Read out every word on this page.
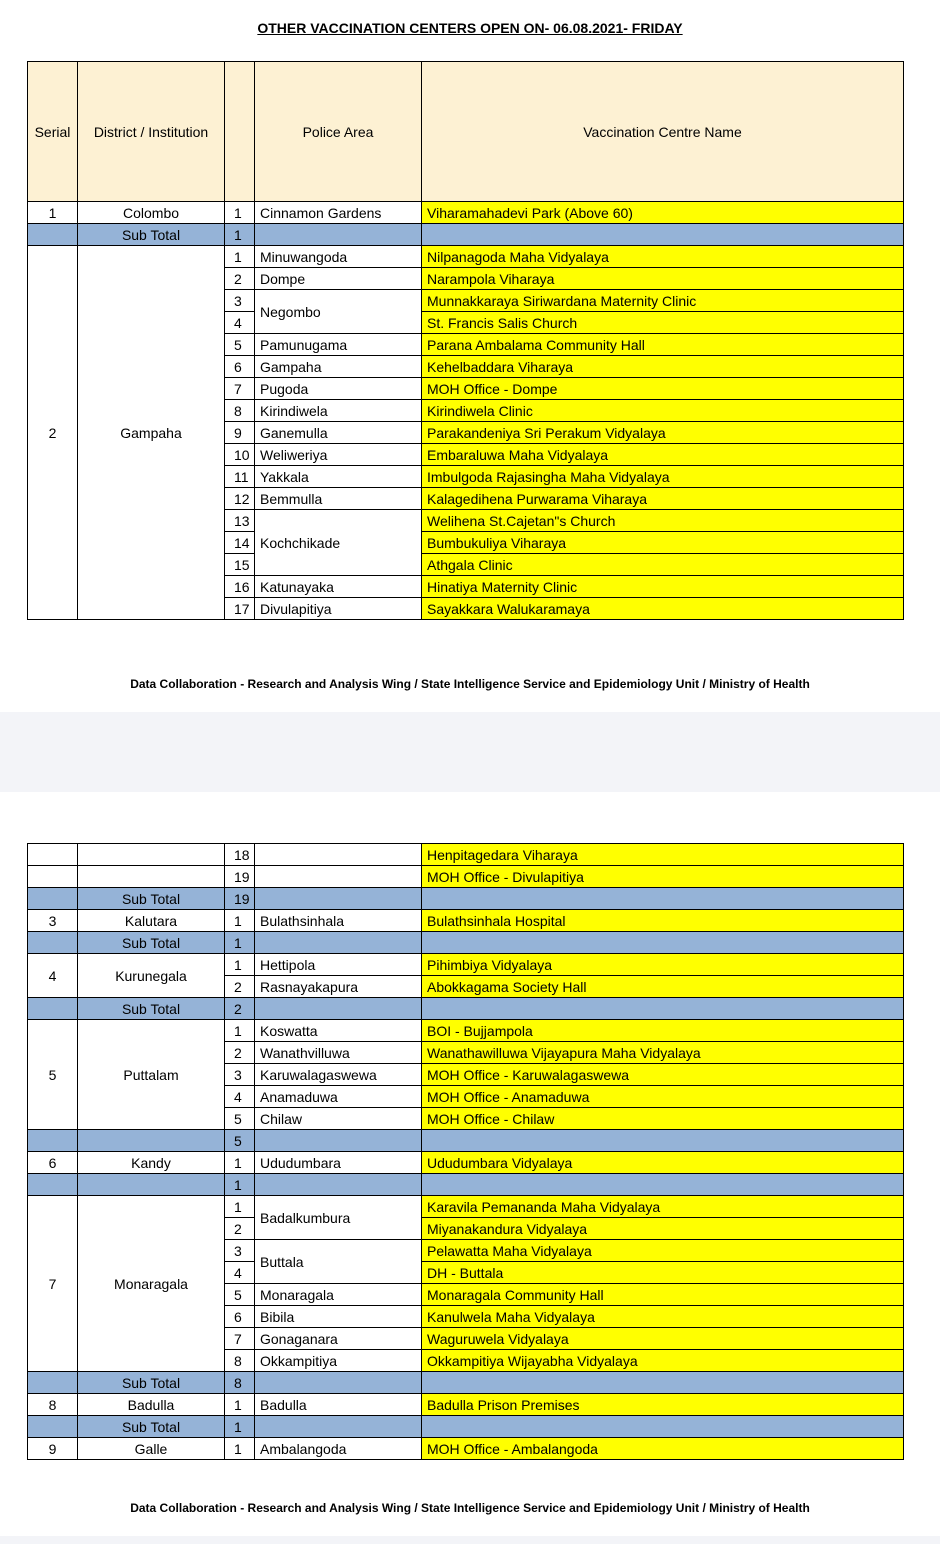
OTHER VACCINATION CENTERS OPEN ON- 06.08.2021- FRIDAY
Serial	District / Institution		Police Area	Vaccination Centre Name
1	Colombo	1	Cinnamon Gardens	Viharamahadevi Park (Above 60)
	Sub Total	1		
2	Gampaha	1	Minuwangoda	Nilpanagoda Maha Vidyalaya
		2	Dompe	Narampola Viharaya
		3	Negombo	Munnakkaraya Siriwardana Maternity Clinic
		4		St. Francis Salis Church
		5	Pamunugama	Parana Ambalama Community Hall
		6	Gampaha	Kehelbaddara Viharaya
		7	Pugoda	MOH Office - Dompe
		8	Kirindiwela	Kirindiwela Clinic
		9	Ganemulla	Parakandeniya Sri Perakum Vidyalaya
		10	Weliweriya	Embaraluwa Maha Vidyalaya
		11	Yakkala	Imbulgoda Rajasingha Maha Vidyalaya
		12	Bemmulla	Kalagedihena Purwarama Viharaya
		13	Kochchikade	Welihena St.Cajetan"s Church
		14		Bumbukuliya Viharaya
		15		Athgala Clinic
		16	Katunayaka	Hinatiya Maternity Clinic
		17	Divulapitiya	Sayakkara Walukaramaya
Data Collaboration - Research and Analysis Wing / State Intelligence Service and Epidemiology Unit / Ministry of Health
		18		Henpitagedara Viharaya
		19		MOH Office - Divulapitiya
	Sub Total	19		
3	Kalutara	1	Bulathsinhala	Bulathsinhala Hospital
	Sub Total	1		
4	Kurunegala	1	Hettipola	Pihimbiya Vidyalaya
		2	Rasnayakapura	Abokkagama Society Hall
	Sub Total	2		
5	Puttalam	1	Koswatta	BOI - Bujjampola
		2	Wanathvilluwa	Wanathawilluwa Vijayapura Maha Vidyalaya
		3	Karuwalagaswewa	MOH Office - Karuwalagaswewa
		4	Anamaduwa	MOH Office - Anamaduwa
		5	Chilaw	MOH Office - Chilaw
		5		
6	Kandy	1	Ududumbara	Ududumbara Vidyalaya
		1		
7	Monaragala	1	Badalkumbura	Karavila Pemananda Maha Vidyalaya
		2		Miyanakandura Vidyalaya
		3	Buttala	Pelawatta Maha Vidyalaya
		4		DH - Buttala
		5	Monaragala	Monaragala Community Hall
		6	Bibila	Kanulwela Maha Vidyalaya
		7	Gonaganara	Waguruwela Vidyalaya
		8	Okkampitiya	Okkampitiya Wijayabha Vidyalaya
	Sub Total	8		
8	Badulla	1	Badulla	Badulla Prison Premises
	Sub Total	1		
9	Galle	1	Ambalangoda	MOH Office - Ambalangoda
Data Collaboration - Research and Analysis Wing / State Intelligence Service and Epidemiology Unit / Ministry of Health
